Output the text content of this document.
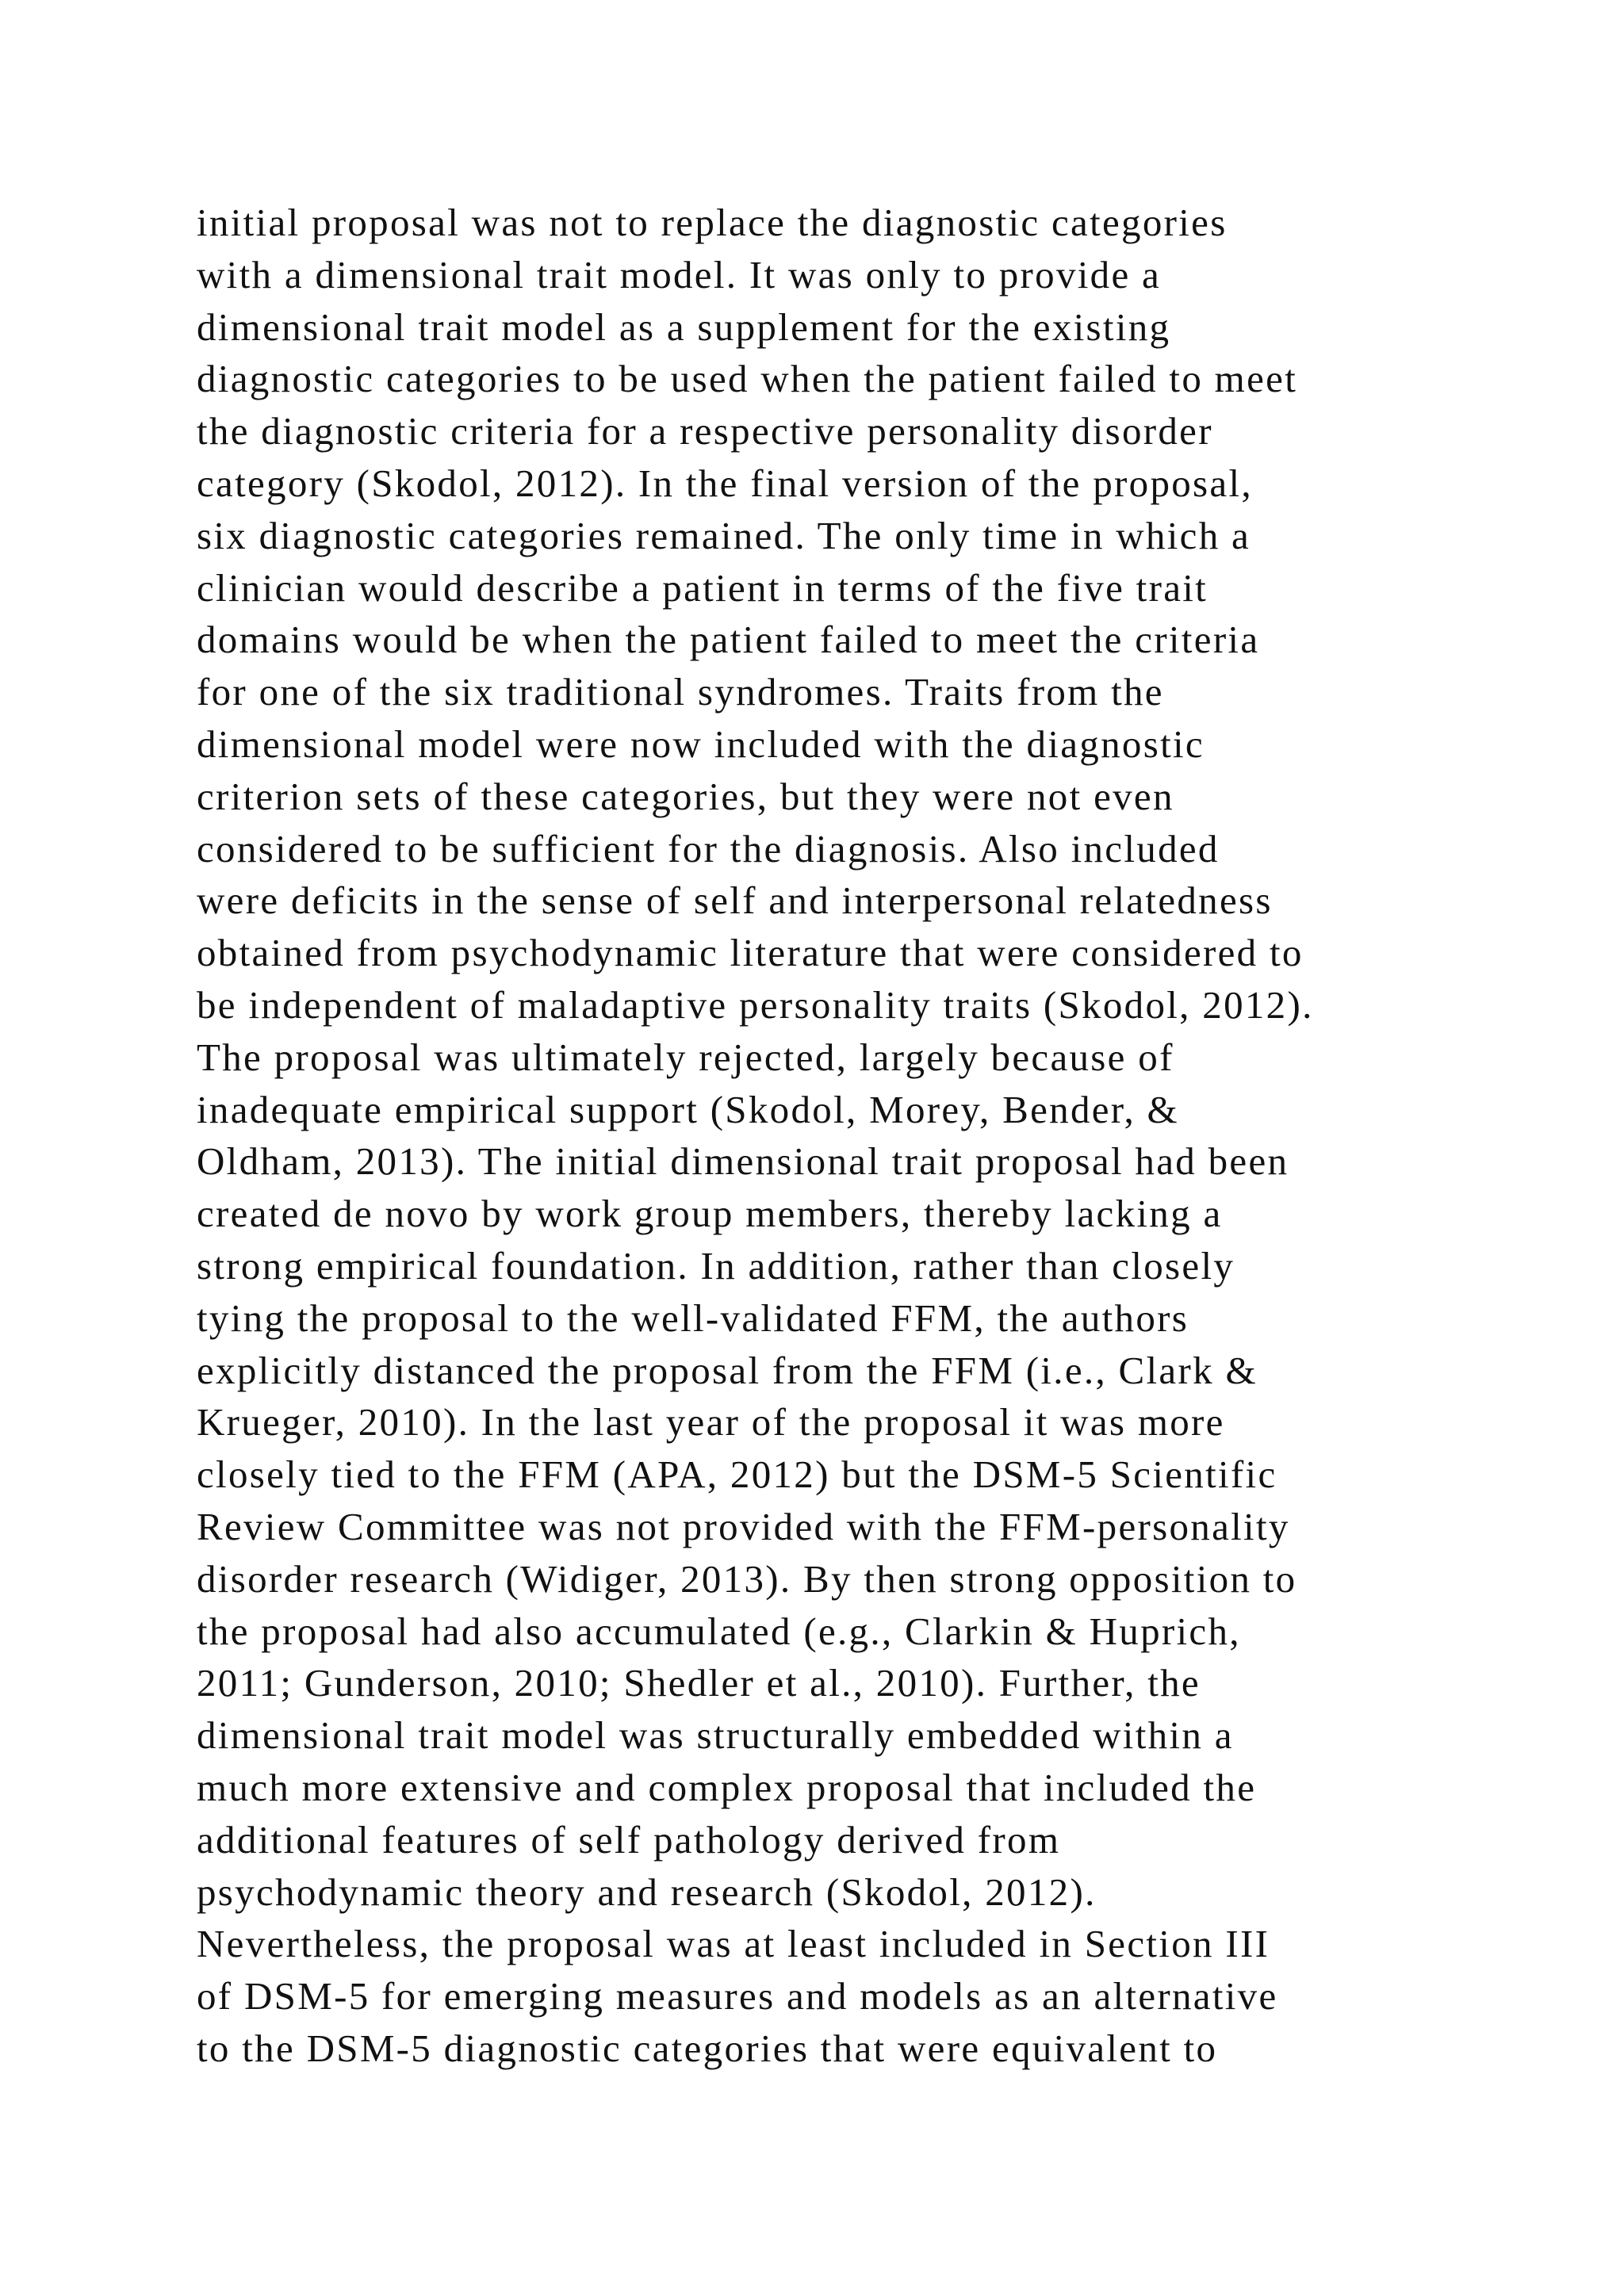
initial proposal was not to replace the diagnostic categories
with a dimensional trait model. It was only to provide a
dimensional trait model as a supplement for the existing
diagnostic categories to be used when the patient failed to meet
the diagnostic criteria for a respective personality disorder
category (Skodol, 2012). In the final version of the proposal,
six diagnostic categories remained. The only time in which a
clinician would describe a patient in terms of the five trait
domains would be when the patient failed to meet the criteria
for one of the six traditional syndromes. Traits from the
dimensional model were now included with the diagnostic
criterion sets of these categories, but they were not even
considered to be sufficient for the diagnosis. Also included
were deficits in the sense of self and interpersonal relatedness
obtained from psychodynamic literature that were considered to
be independent of maladaptive personality traits (Skodol, 2012).
The proposal was ultimately rejected, largely because of
inadequate empirical support (Skodol, Morey, Bender, &
Oldham, 2013). The initial dimensional trait proposal had been
created de novo by work group members, thereby lacking a
strong empirical foundation. In addition, rather than closely
tying the proposal to the well-validated FFM, the authors
explicitly distanced the proposal from the FFM (i.e., Clark &
Krueger, 2010). In the last year of the proposal it was more
closely tied to the FFM (APA, 2012) but the DSM-5 Scientific
Review Committee was not provided with the FFM-personality
disorder research (Widiger, 2013). By then strong opposition to
the proposal had also accumulated (e.g., Clarkin & Huprich,
2011; Gunderson, 2010; Shedler et al., 2010). Further, the
dimensional trait model was structurally embedded within a
much more extensive and complex proposal that included the
additional features of self pathology derived from
psychodynamic theory and research (Skodol, 2012).
Nevertheless, the proposal was at least included in Section III
of DSM-5 for emerging measures and models as an alternative
to the DSM-5 diagnostic categories that were equivalent to
